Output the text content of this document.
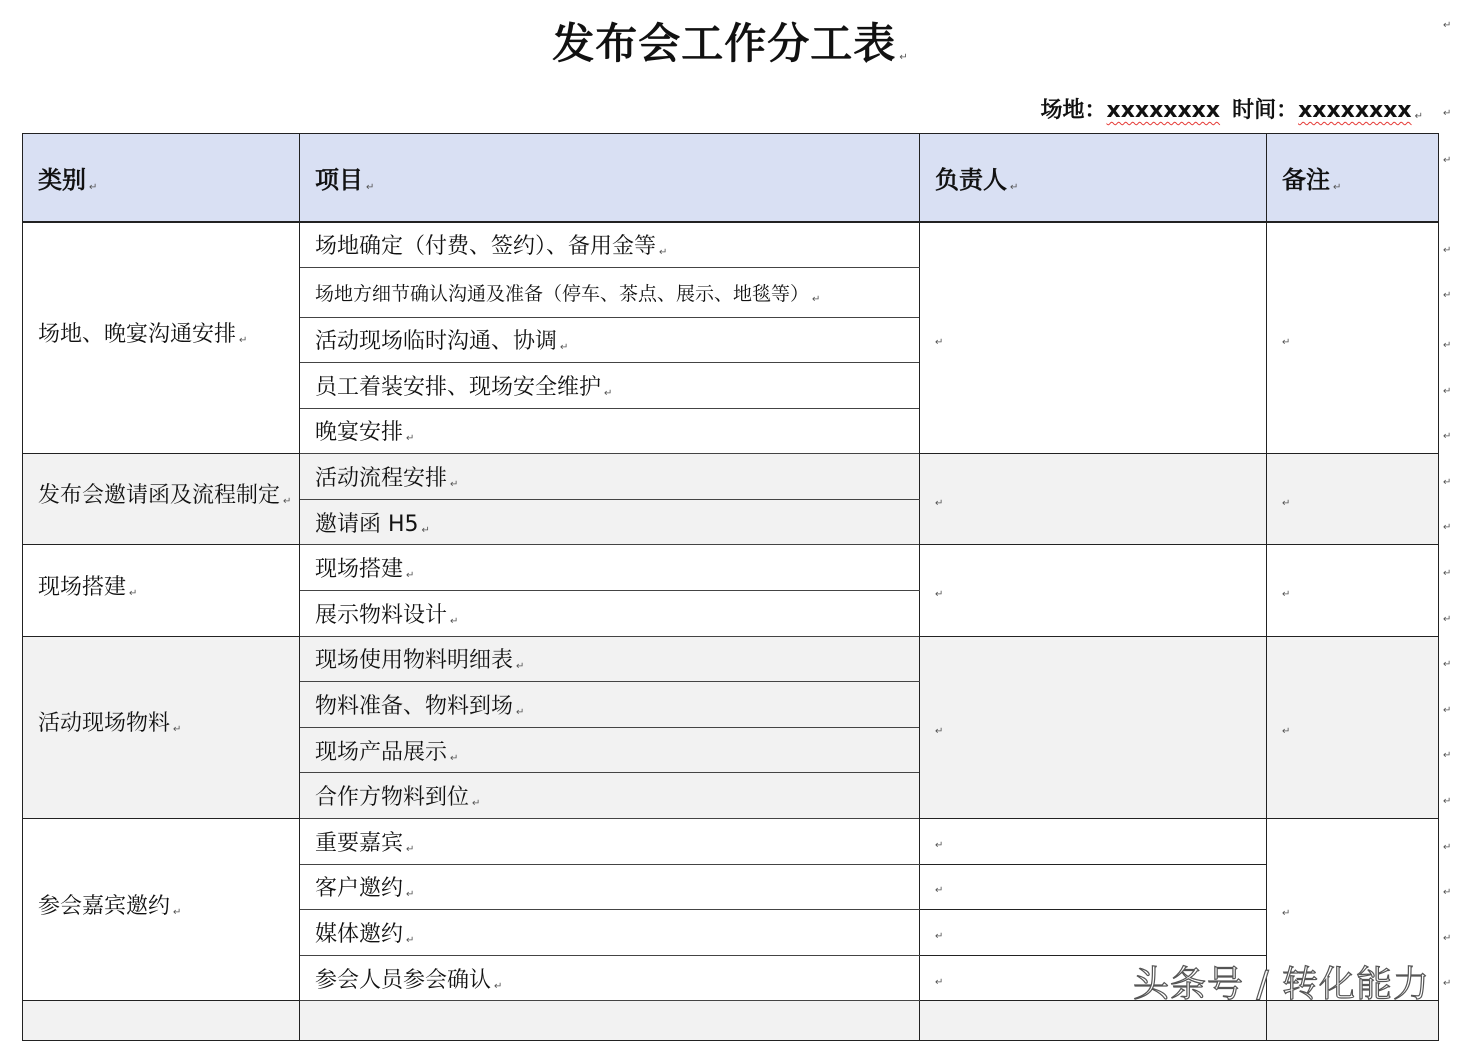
发布会工作分工表 ↵
场地：xxxxxxxx 时间：xxxxxxxx ↵
类别 ↵	项目 ↵	负责人 ↵	备注 ↵
场地、晚宴沟通安排 ↵	场地确定（付费、签约）、备用金等 ↵	↵	↵
	场地方细节确认沟通及准备（停车、茶点、展示、地毯等） ↵		
	活动现场临时沟通、协调 ↵		
	员工着装安排、现场安全维护 ↵		
	晚宴安排 ↵		
发布会邀请函及流程制定 ↵	活动流程安排 ↵	↵	↵
	邀请函 H5 ↵		
现场搭建 ↵	现场搭建 ↵	↵	↵
	展示物料设计 ↵		
活动现场物料 ↵	现场使用物料明细表 ↵	↵	↵
	物料准备、物料到场 ↵		
	现场产品展示 ↵		
	合作方物料到位 ↵		
参会嘉宾邀约 ↵	重要嘉宾 ↵	↵	↵
	客户邀约 ↵	↵	
	媒体邀约 ↵	↵	
	参会人员参会确认 ↵	↵	

↵
↵
↵
↵
↵
↵
↵
↵
↵
↵
↵
↵
↵
↵
↵
↵
↵
↵
↵
↵
头条号 / 转化能力
